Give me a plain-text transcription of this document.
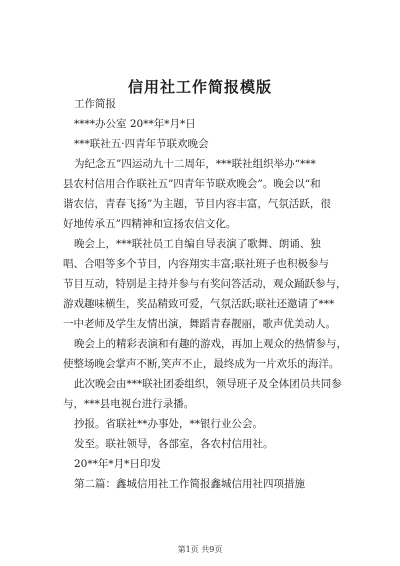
信用社工作简报模版
工作简报
****办公室 20**年*月*日
***联社五·四青年节联欢晚会
为纪念五”四运动九十二周年，***联社组织举办“***
县农村信用合作联社五”四青年节联欢晚会”。晚会以“和
谐农信，青春飞扬”为主题，节目内容丰富，气氛活跃，很
好地传承五”四精神和宣扬农信文化。
晚会上，***联社员工自编自导表演了歌舞、朗诵、独
唱、合唱等多个节目，内容翔实丰富;联社班子也积极参与
节目互动，特别是主持并参与有奖问答活动，观众踊跃参与，
游戏趣味横生，奖品精致可爱，气氛活跃;联社还邀请了***
一中老师及学生友情出演，舞蹈青春靓丽，歌声优美动人。
晚会上的精彩表演和有趣的游戏，再加上观众的热情参与，
使整场晚会掌声不断,笑声不止，最终成为一片欢乐的海洋。
此次晚会由***联社团委组织，领导班子及全体团员共同参
与，***县电视台进行录播。
抄报。省联社**办事处，**银行业公会。
发至。联社领导，各部室，各农村信用社。
20**年*月*日印发
第二篇：鑫城信用社工作简报鑫城信用社四项措施
第1页 共9页
